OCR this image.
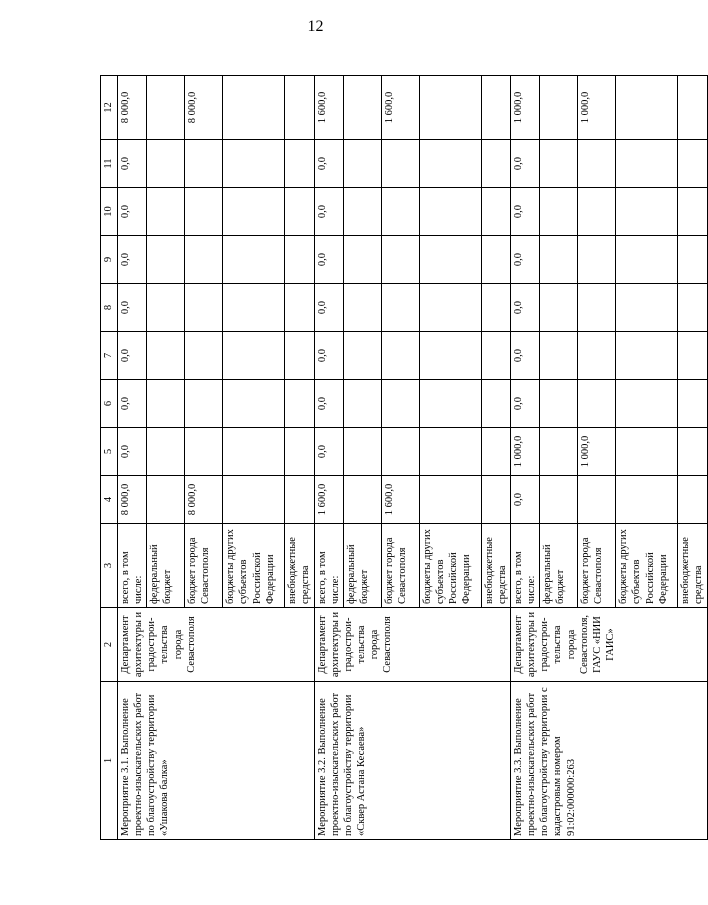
12
1	2	3	4	5	6	7	8	9	10	11	12
Мероприятие 3.1. Выполнение проектно-изыскательских работ по благоустройству территории «Ушакова балка»	Департамент архитектуры и градострои-тельства города Севастополя	всего, в том числе:	8 000,0	0,0	0,0	0,0	0,0	0,0	0,0	0,0	8 000,0
		федеральный бюджет									
		бюджет города Севастополя	8 000,0								8 000,0
		бюджеты других субъектов Российской Федерации									
		внебюджетные средства									
Мероприятие 3.2. Выполнение проектно-изыскательских работ по благоустройству территории «Сквер Астана Кесаева»	Департамент архитектуры и градострои-тельства города Севастополя	всего, в том числе:	1 600,0	0,0	0,0	0,0	0,0	0,0	0,0	0,0	1 600,0
		федеральный бюджет									
		бюджет города Севастополя	1 600,0								1 600,0
		бюджеты других субъектов Российской Федерации									
		внебюджетные средства									
Мероприятие 3.3. Выполнение проектно-изыскательских работ по благоустройству территории с кадастровым номером 91:02:000000:263	Департамент архитектуры и градострои-тельства города Севастополя, ГАУС «НИИ ГАИС»	всего, в том числе:	0,0	1 000,0	0,0	0,0	0,0	0,0	0,0	0,0	1 000,0
		федеральный бюджет									
		бюджет города Севастополя		1 000,0							1 000,0
		бюджеты других субъектов Российской Федерации									
		внебюджетные средства									
